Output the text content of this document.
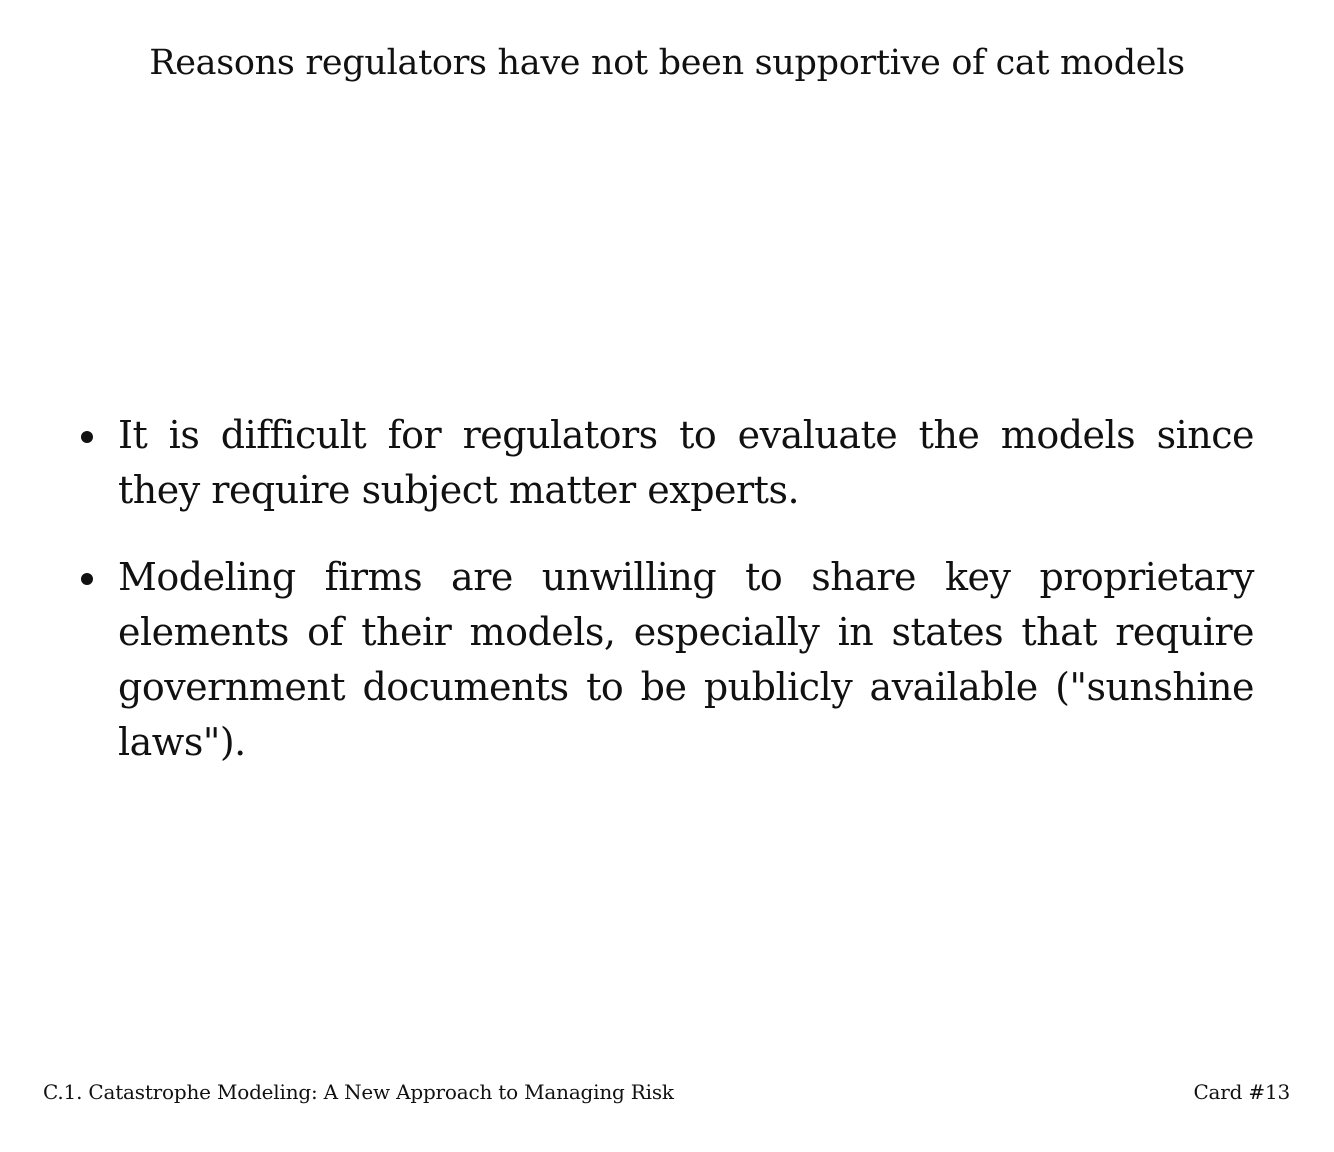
Reasons regulators have not been supportive of cat models
It is difficult for regulators to evaluate the models since they require subject matter experts.
Modeling firms are unwilling to share key proprietary elements of their models, especially in states that require government documents to be publicly available ("sunshine laws").
C.1. Catastrophe Modeling: A New Approach to Managing Risk	Card #13
